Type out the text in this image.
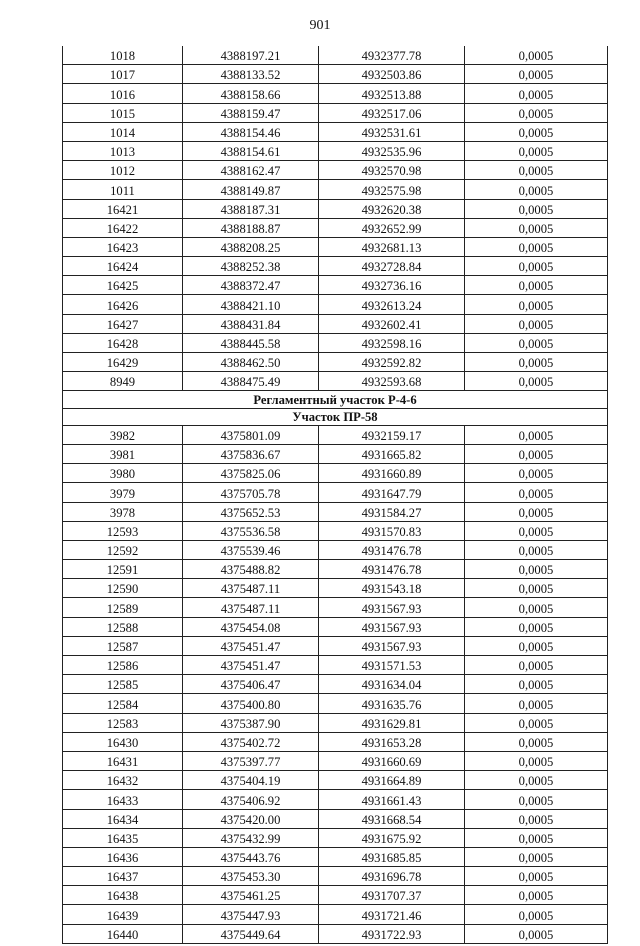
901
1018	4388197.21	4932377.78	0,0005
1017	4388133.52	4932503.86	0,0005
1016	4388158.66	4932513.88	0,0005
1015	4388159.47	4932517.06	0,0005
1014	4388154.46	4932531.61	0,0005
1013	4388154.61	4932535.96	0,0005
1012	4388162.47	4932570.98	0,0005
1011	4388149.87	4932575.98	0,0005
16421	4388187.31	4932620.38	0,0005
16422	4388188.87	4932652.99	0,0005
16423	4388208.25	4932681.13	0,0005
16424	4388252.38	4932728.84	0,0005
16425	4388372.47	4932736.16	0,0005
16426	4388421.10	4932613.24	0,0005
16427	4388431.84	4932602.41	0,0005
16428	4388445.58	4932598.16	0,0005
16429	4388462.50	4932592.82	0,0005
8949	4388475.49	4932593.68	0,0005
Регламентный участок Р-4-6			
Участок ПР-58			
3982	4375801.09	4932159.17	0,0005
3981	4375836.67	4931665.82	0,0005
3980	4375825.06	4931660.89	0,0005
3979	4375705.78	4931647.79	0,0005
3978	4375652.53	4931584.27	0,0005
12593	4375536.58	4931570.83	0,0005
12592	4375539.46	4931476.78	0,0005
12591	4375488.82	4931476.78	0,0005
12590	4375487.11	4931543.18	0,0005
12589	4375487.11	4931567.93	0,0005
12588	4375454.08	4931567.93	0,0005
12587	4375451.47	4931567.93	0,0005
12586	4375451.47	4931571.53	0,0005
12585	4375406.47	4931634.04	0,0005
12584	4375400.80	4931635.76	0,0005
12583	4375387.90	4931629.81	0,0005
16430	4375402.72	4931653.28	0,0005
16431	4375397.77	4931660.69	0,0005
16432	4375404.19	4931664.89	0,0005
16433	4375406.92	4931661.43	0,0005
16434	4375420.00	4931668.54	0,0005
16435	4375432.99	4931675.92	0,0005
16436	4375443.76	4931685.85	0,0005
16437	4375453.30	4931696.78	0,0005
16438	4375461.25	4931707.37	0,0005
16439	4375447.93	4931721.46	0,0005
16440	4375449.64	4931722.93	0,0005
